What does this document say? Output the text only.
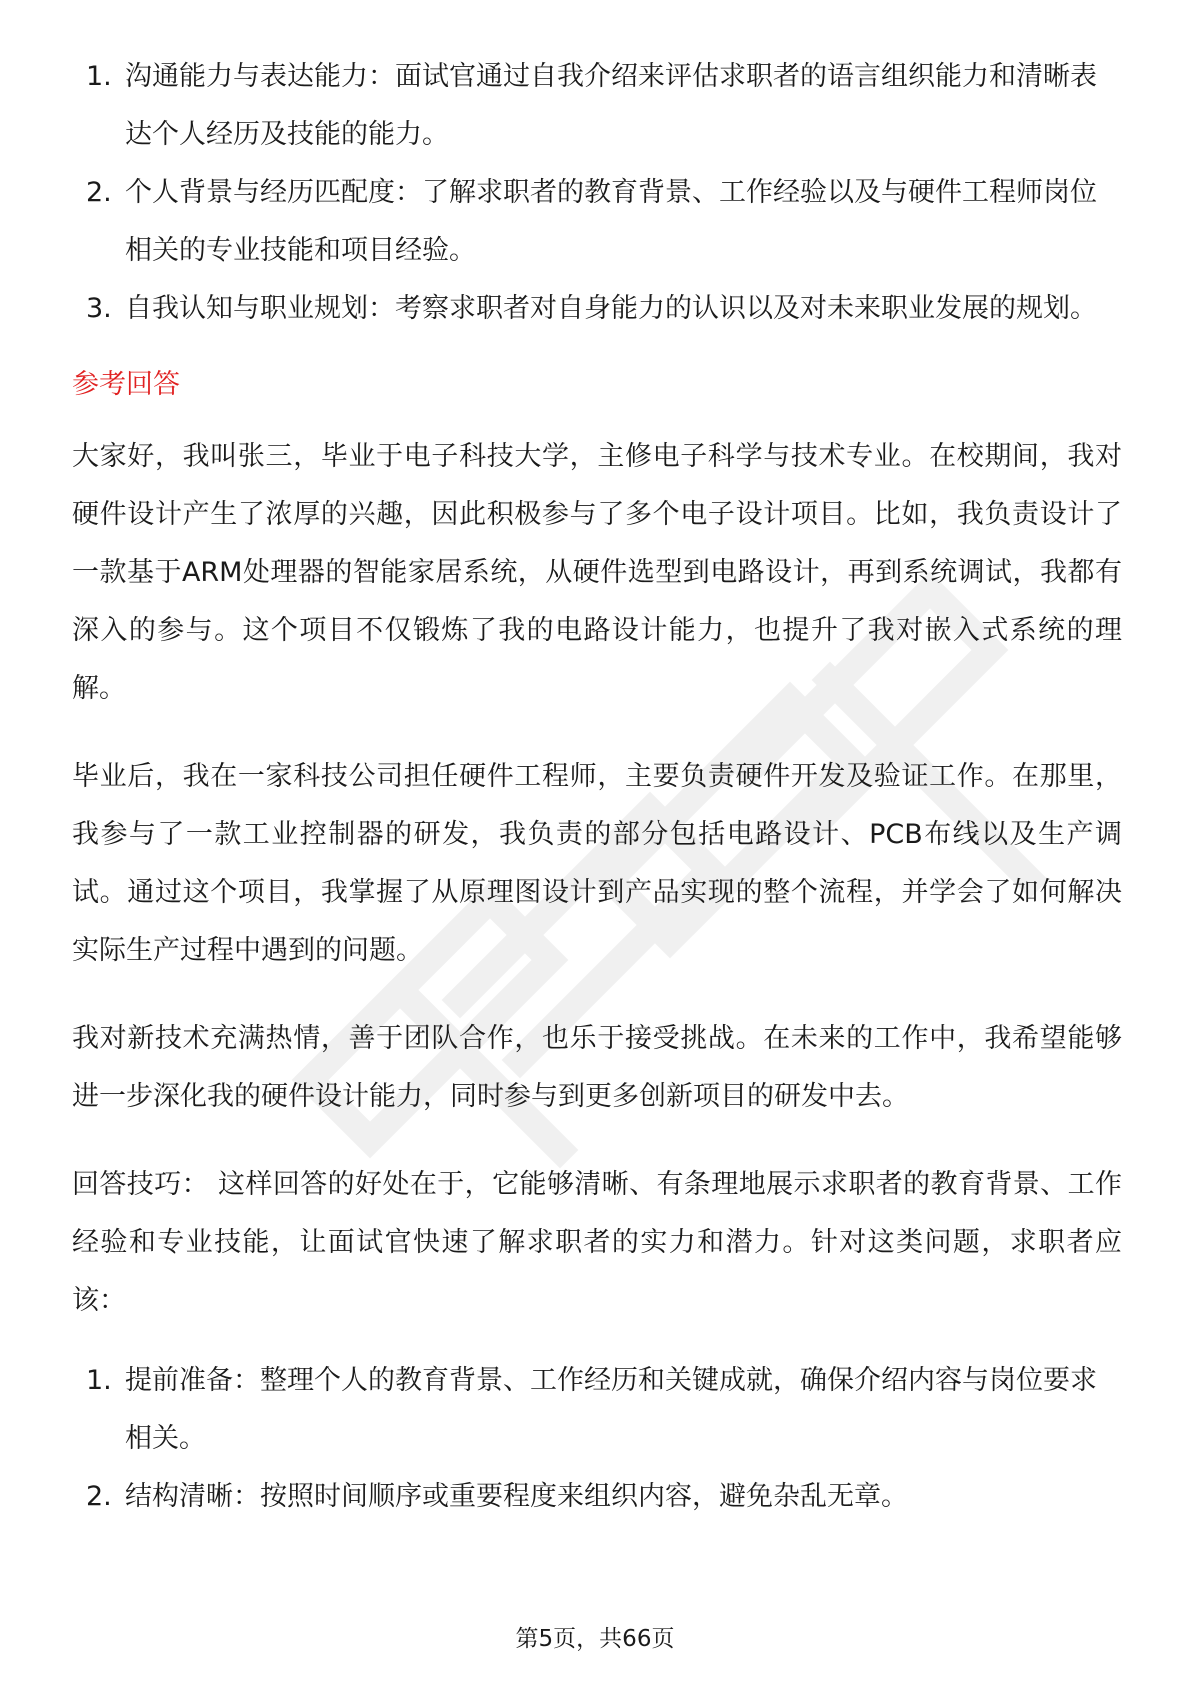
1. 沟通能力与表达能力：面试官通过自我介绍来评估求职者的语言组织能力和清晰表达个人经历及技能的能力。
2. 个人背景与经历匹配度：了解求职者的教育背景、工作经验以及与硬件工程师岗位相关的专业技能和项目经验。
3. 自我认知与职业规划：考察求职者对自身能力的认识以及对未来职业发展的规划。
参考回答

大家好，我叫张三，毕业于电子科技大学，主修电子科学与技术专业。在校期间，我对硬件设计产生了浓厚的兴趣，因此积极参与了多个电子设计项目。比如，我负责设计了一款基于ARM处理器的智能家居系统，从硬件选型到电路设计，再到系统调试，我都有深入的参与。这个项目不仅锻炼了我的电路设计能力，也提升了我对嵌入式系统的理解。

毕业后，我在一家科技公司担任硬件工程师，主要负责硬件开发及验证工作。在那里，我参与了一款工业控制器的研发，我负责的部分包括电路设计、PCB布线以及生产调试。通过这个项目，我掌握了从原理图设计到产品实现的整个流程，并学会了如何解决实际生产过程中遇到的问题。

我对新技术充满热情，善于团队合作，也乐于接受挑战。在未来的工作中，我希望能够进一步深化我的硬件设计能力，同时参与到更多创新项目的研发中去。

回答技巧： 这样回答的好处在于，它能够清晰、有条理地展示求职者的教育背景、工作经验和专业技能，让面试官快速了解求职者的实力和潜力。针对这类问题，求职者应该：

1. 提前准备：整理个人的教育背景、工作经历和关键成就，确保介绍内容与岗位要求相关。
2. 结构清晰：按照时间顺序或重要程度来组织内容，避免杂乱无章。
第5页，共66页
